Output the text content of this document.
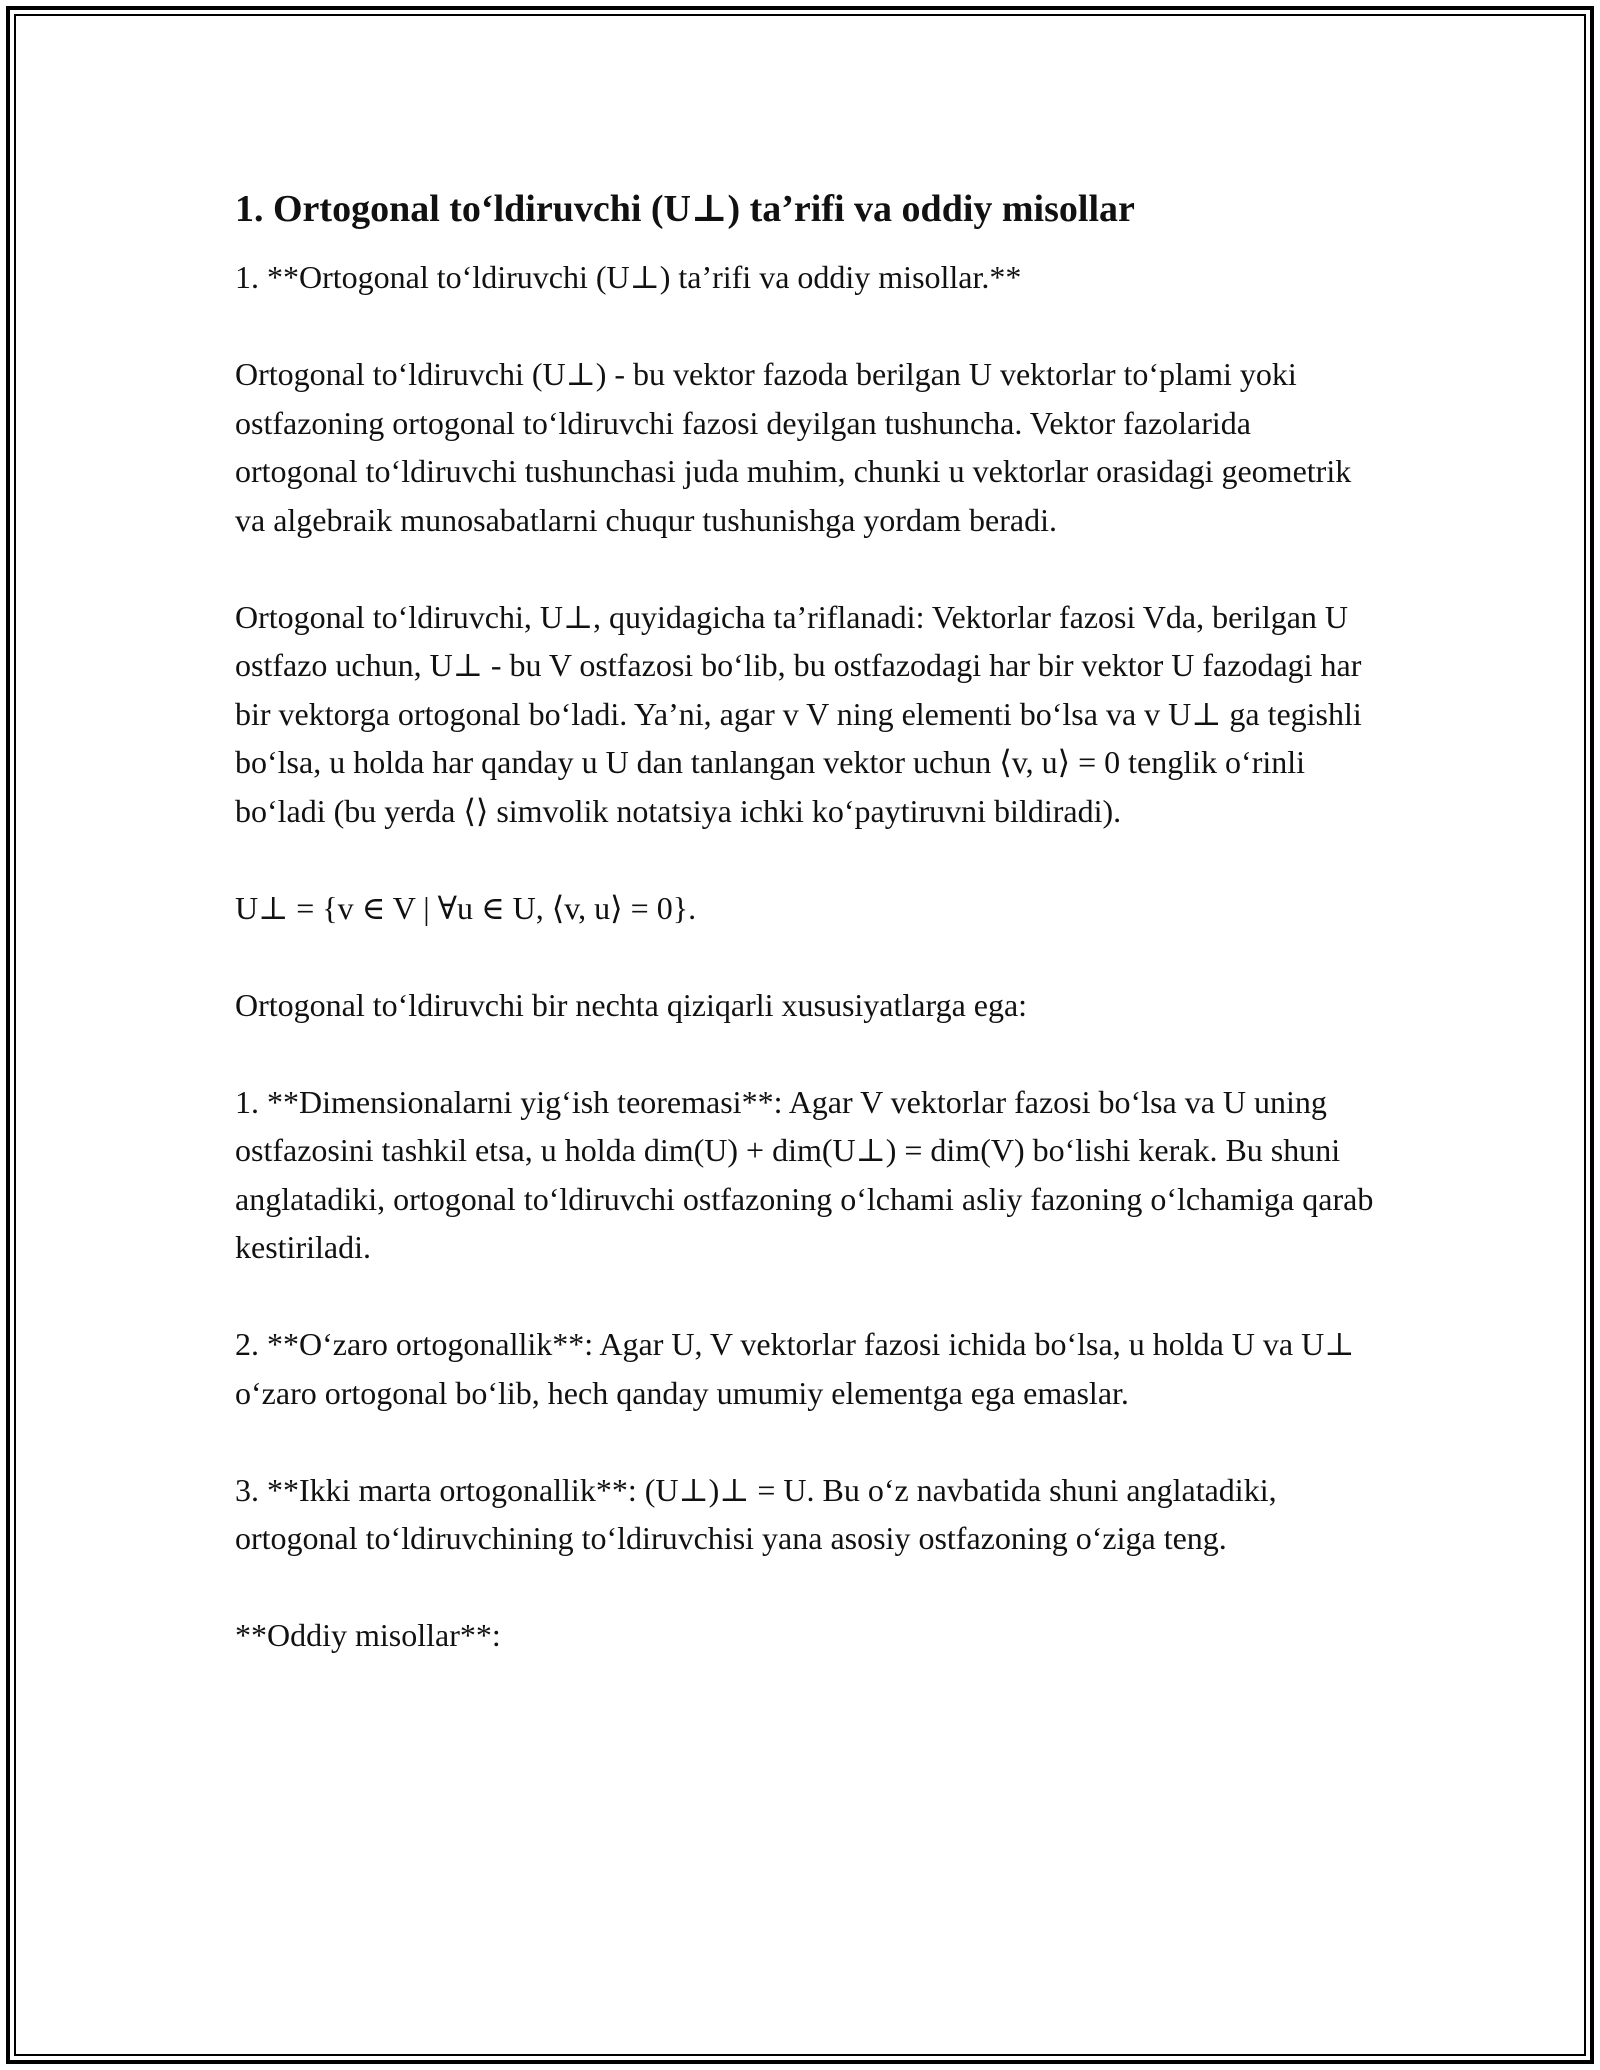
1. Ortogonal to‘ldiruvchi (U⊥) ta’rifi va oddiy misollar

1. **Ortogonal to‘ldiruvchi (U⊥) ta’rifi va oddiy misollar.**

Ortogonal to‘ldiruvchi (U⊥) - bu vektor fazoda berilgan U vektorlar to‘plami yoki ostfazoning ortogonal to‘ldiruvchi fazosi deyilgan tushuncha. Vektor fazolarida ortogonal to‘ldiruvchi tushunchasi juda muhim, chunki u vektorlar orasidagi geometrik va algebraik munosabatlarni chuqur tushunishga yordam beradi.

Ortogonal to‘ldiruvchi, U⊥, quyidagicha ta’riflanadi: Vektorlar fazosi Vda, berilgan U ostfazo uchun, U⊥ - bu V ostfazosi bo‘lib, bu ostfazodagi har bir vektor U fazodagi har bir vektorga ortogonal bo‘ladi. Ya’ni, agar v V ning elementi bo‘lsa va v U⊥ ga tegishli bo‘lsa, u holda har qanday u U dan tanlangan vektor uchun ⟨v, u⟩ = 0 tenglik o‘rinli bo‘ladi (bu yerda ⟨⟩ simvolik notatsiya ichki ko‘paytiruvni bildiradi).

U⊥ = {v ∈ V | ∀u ∈ U, ⟨v, u⟩ = 0}.

Ortogonal to‘ldiruvchi bir nechta qiziqarli xususiyatlarga ega:

1. **Dimensionalarni yig‘ish teoremasi**: Agar V vektorlar fazosi bo‘lsa va U uning ostfazosini tashkil etsa, u holda dim(U) + dim(U⊥) = dim(V) bo‘lishi kerak. Bu shuni anglatadiki, ortogonal to‘ldiruvchi ostfazoning o‘lchami asliy fazoning o‘lchamiga qarab kestiriladi.

2. **O‘zaro ortogonallik**: Agar U, V vektorlar fazosi ichida bo‘lsa, u holda U va U⊥ o‘zaro ortogonal bo‘lib, hech qanday umumiy elementga ega emaslar.

3. **Ikki marta ortogonallik**: (U⊥)⊥ = U. Bu o‘z navbatida shuni anglatadiki, ortogonal to‘ldiruvchining to‘ldiruvchisi yana asosiy ostfazoning o‘ziga teng.

**Oddiy misollar**:
